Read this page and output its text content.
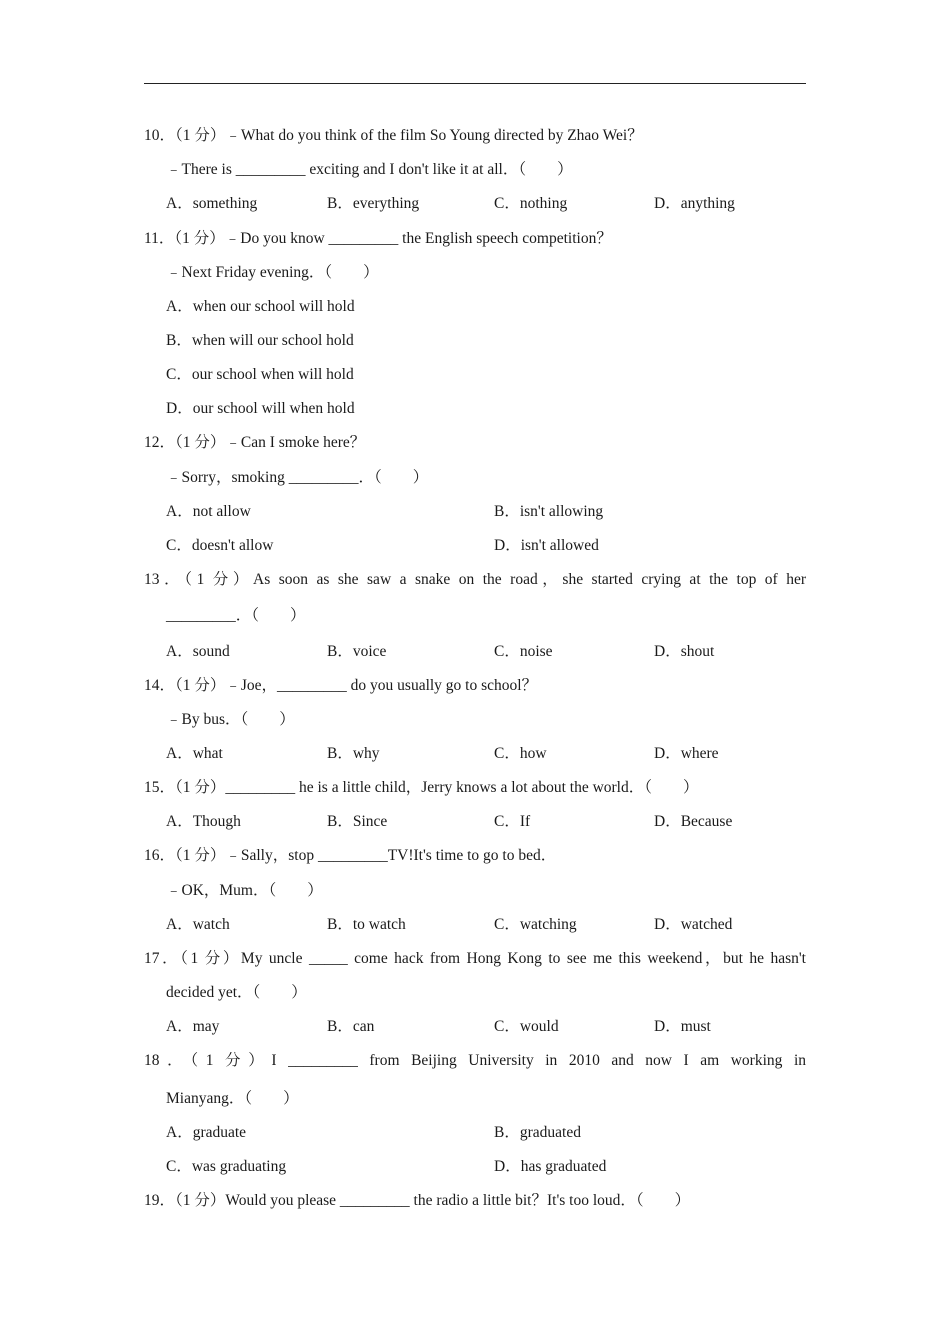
10．（1 分）﹣What do you think of the film So Young directed by Zhao Wei？
﹣There is _________ exciting and I don't like it at all．（　　）
A．something	B．everything	C．nothing	D．anything
11．（1 分）﹣Do you know _________ the English speech competition？
﹣Next Friday evening．（　　）
A．when our school will hold
B．when will our school hold
C．our school when will hold
D．our school will when hold
12．（1 分）﹣Can I smoke here？
﹣Sorry，smoking _________．（　　）
A．not allow	B．isn't allowing
C．doesn't allow	D．isn't allowed
13．（1 分）As soon as she saw a snake on the road，she started crying at the top of her
_________．（　　）
A．sound	B．voice	C．noise	D．shout
14．（1 分）﹣Joe，_________ do you usually go to school？
﹣By bus．（　　）
A．what	B．why	C．how	D．where
15．（1 分）_________ he is a little child，Jerry knows a lot about the world．（　　）
A．Though	B．Since	C．If	D．Because
16．（1 分）﹣Sally，stop _________TV!It's time to go to bed．
﹣OK，Mum．（　　）
A．watch	B．to watch	C．watching	D．watched
17．（1 分）My uncle _____ come hack from Hong Kong to see me this weekend，but he hasn't
decided yet．（　　）
A．may	B．can	C．would	D．must
18．（1 分）I _________ from Beijing University in 2010 and now I am working in
Mianyang．（　　）
A．graduate	B．graduated
C．was graduating	D．has graduated
19．（1 分）Would you please _________ the radio a little bit？It's too loud．（　　）
